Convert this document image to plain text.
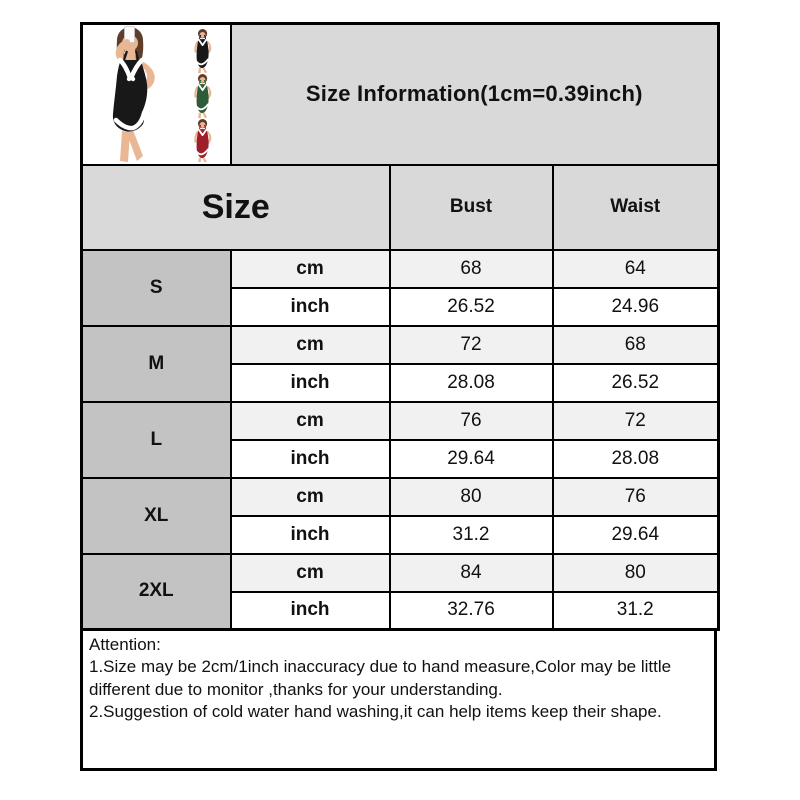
	Size Information(1cm=0.39inch)		
Size		Bust	Waist
S	cm	68	64
	inch	26.52	24.96
M	cm	72	68
	inch	28.08	26.52
L	cm	76	72
	inch	29.64	28.08
XL	cm	80	76
	inch	31.2	29.64
2XL	cm	84	80
	inch	32.76	31.2
Attention:
1.Size may be 2cm/1inch inaccuracy due to hand measure,Color may be little different due to monitor ,thanks for your understanding.
2.Suggestion of cold water hand washing,it can help items keep their shape.
